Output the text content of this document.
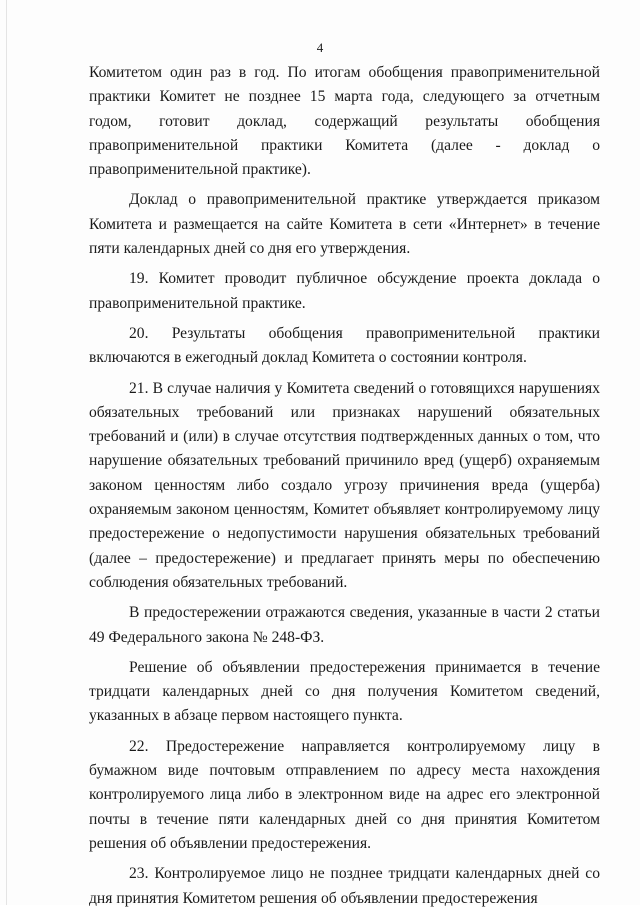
4

Комитетом один раз в год. По итогам обобщения правоприменительной практики Комитет не позднее 15 марта года, следующего за отчетным годом, готовит доклад, содержащий результаты обобщения правоприменительной практики Комитета (далее - доклад о правоприменительной практике).

Доклад о правоприменительной практике утверждается приказом Комитета и размещается на сайте Комитета в сети «Интернет» в течение пяти календарных дней со дня его утверждения.

19. Комитет проводит публичное обсуждение проекта доклада о правоприменительной практике.

20. Результаты обобщения правоприменительной практики включаются в ежегодный доклад Комитета о состоянии контроля.

21. В случае наличия у Комитета сведений о готовящихся нарушениях обязательных требований или признаках нарушений обязательных требований и (или) в случае отсутствия подтвержденных данных о том, что нарушение обязательных требований причинило вред (ущерб) охраняемым законом ценностям либо создало угрозу причинения вреда (ущерба) охраняемым законом ценностям, Комитет объявляет контролируемому лицу предостережение о недопустимости нарушения обязательных требований (далее – предостережение) и предлагает принять меры по обеспечению соблюдения обязательных требований.

В предостережении отражаются сведения, указанные в части 2 статьи 49 Федерального закона № 248-ФЗ.

Решение об объявлении предостережения принимается в течение тридцати календарных дней со дня получения Комитетом сведений, указанных в абзаце первом настоящего пункта.

22. Предостережение направляется контролируемому лицу в бумажном виде почтовым отправлением по адресу места нахождения контролируемого лица либо в электронном виде на адрес его электронной почты в течение пяти календарных дней со дня принятия Комитетом решения об объявлении предостережения.

23. Контролируемое лицо не позднее тридцати календарных дней со дня принятия Комитетом решения об объявлении предостережения
